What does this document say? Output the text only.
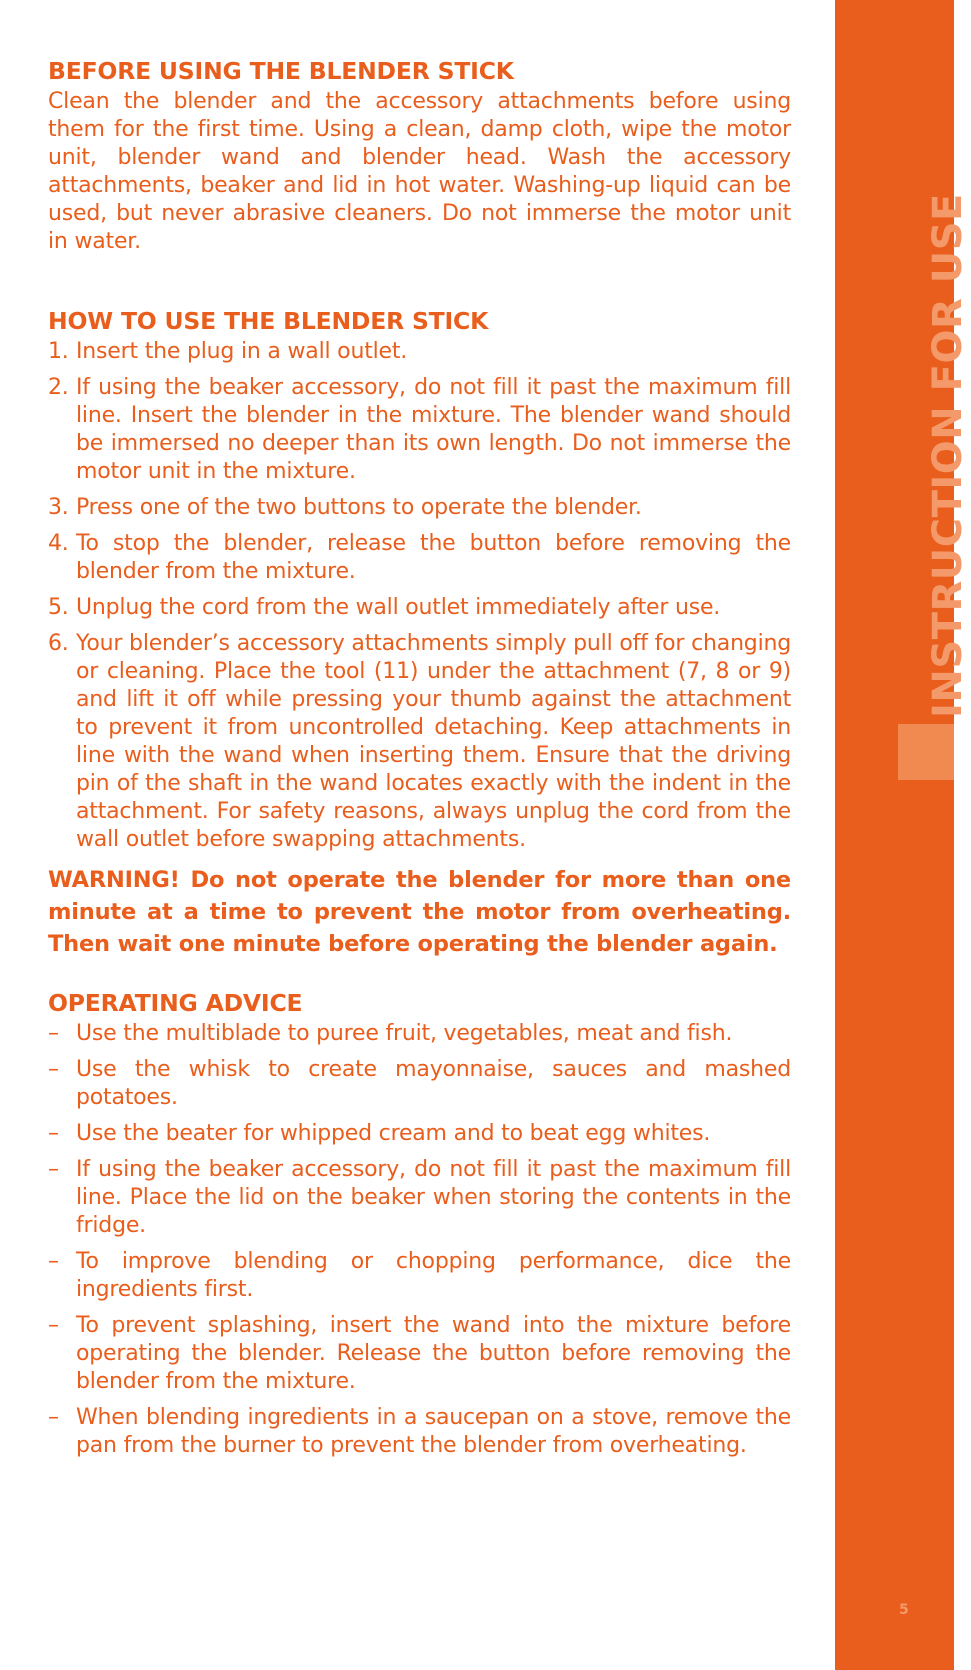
BEFORE USING THE BLENDER STICK

Clean the blender and the accessory attachments before using them for the first time. Using a clean, damp cloth, wipe the motor unit, blender wand and blender head. Wash the accessory attachments, beaker and lid in hot water. Washing-up liquid can be used, but never abrasive cleaners. Do not immerse the motor unit in water.

HOW TO USE THE BLENDER STICK
1. Insert the plug in a wall outlet.
2. If using the beaker accessory, do not fill it past the maximum fill line. Insert the blender in the mixture. The blender wand should be immersed no deeper than its own length. Do not immerse the motor unit in the mixture.
3. Press one of the two buttons to operate the blender.
4. To stop the blender, release the button before removing the blender from the mixture.
5. Unplug the cord from the wall outlet immediately after use.
6. Your blender’s accessory attachments simply pull off for changing or cleaning. Place the tool (11) under the attachment (7, 8 or 9) and lift it off while pressing your thumb against the attachment to prevent it from uncontrolled detaching. Keep attachments in line with the wand when inserting them. Ensure that the driving pin of the shaft in the wand locates exactly with the indent in the attachment. For safety reasons, always unplug the cord from the wall outlet before swapping attachments.

WARNING! Do not operate the blender for more than one minute at a time to prevent the motor from overheating. Then wait one minute before operating the blender again.

OPERATING ADVICE
– Use the multiblade to puree fruit, vegetables, meat and fish.
– Use the whisk to create mayonnaise, sauces and mashed potatoes.
– Use the beater for whipped cream and to beat egg whites.
– If using the beaker accessory, do not fill it past the maximum fill line. Place the lid on the beaker when storing the contents in the fridge.
– To improve blending or chopping performance, dice the ingredients first.
– To prevent splashing, insert the wand into the mixture before operating the blender. Release the button before removing the blender from the mixture.
– When blending ingredients in a saucepan on a stove, remove the pan from the burner to prevent the blender from overheating.
INSTRUCTION FOR USE
5
